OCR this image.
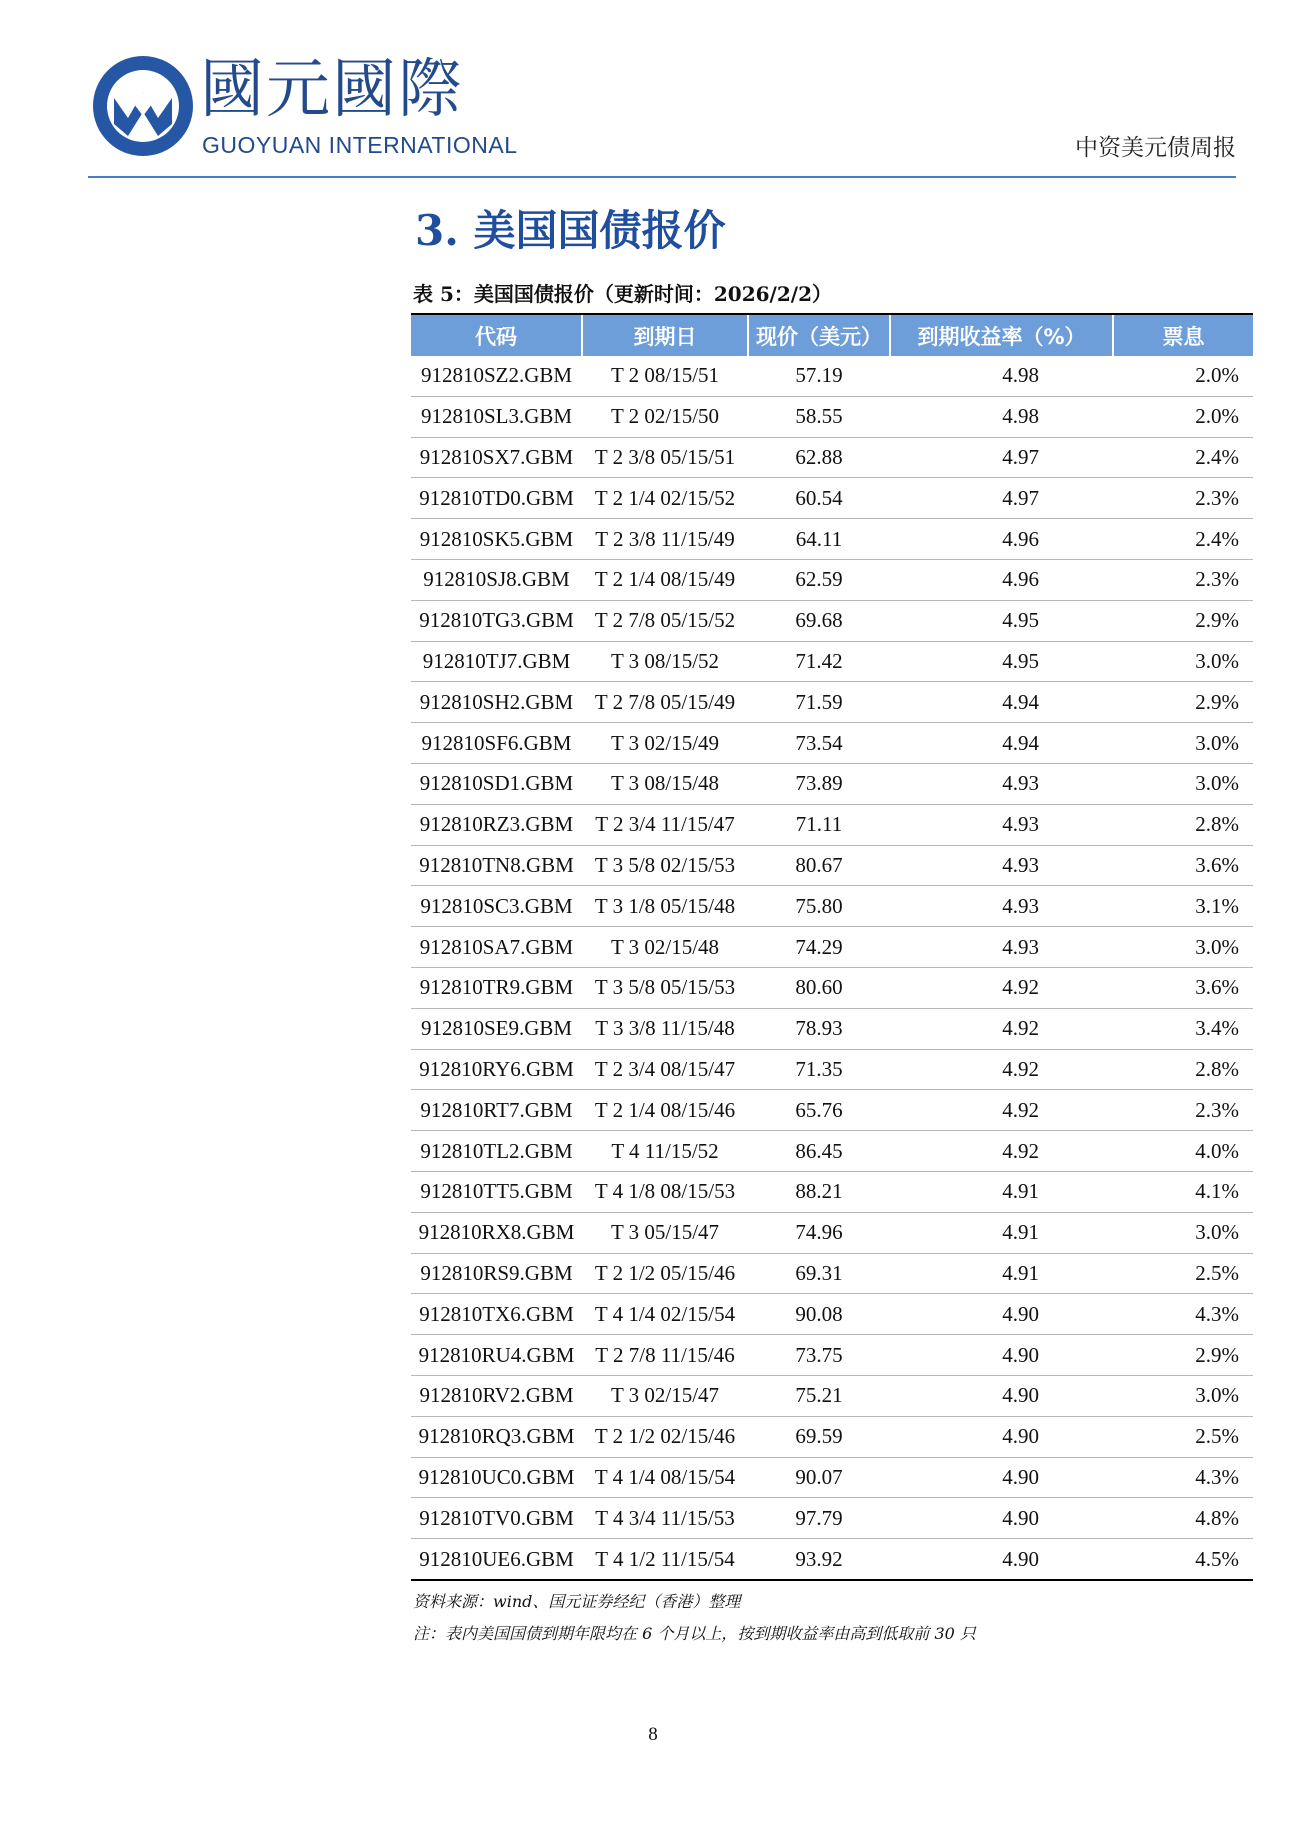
國元國際
GUOYUAN INTERNATIONAL	中资美元债周报
3. 美国国债报价
表 5：美国国债报价（更新时间：2026/2/2）
代码	到期日	现价（美元）	到期收益率（%）	票息
912810SZ2.GBM	T 2 08/15/51	57.19	4.98	2.0%
912810SL3.GBM	T 2 02/15/50	58.55	4.98	2.0%
912810SX7.GBM	T 2 3/8 05/15/51	62.88	4.97	2.4%
912810TD0.GBM	T 2 1/4 02/15/52	60.54	4.97	2.3%
912810SK5.GBM	T 2 3/8 11/15/49	64.11	4.96	2.4%
912810SJ8.GBM	T 2 1/4 08/15/49	62.59	4.96	2.3%
912810TG3.GBM	T 2 7/8 05/15/52	69.68	4.95	2.9%
912810TJ7.GBM	T 3 08/15/52	71.42	4.95	3.0%
912810SH2.GBM	T 2 7/8 05/15/49	71.59	4.94	2.9%
912810SF6.GBM	T 3 02/15/49	73.54	4.94	3.0%
912810SD1.GBM	T 3 08/15/48	73.89	4.93	3.0%
912810RZ3.GBM	T 2 3/4 11/15/47	71.11	4.93	2.8%
912810TN8.GBM	T 3 5/8 02/15/53	80.67	4.93	3.6%
912810SC3.GBM	T 3 1/8 05/15/48	75.80	4.93	3.1%
912810SA7.GBM	T 3 02/15/48	74.29	4.93	3.0%
912810TR9.GBM	T 3 5/8 05/15/53	80.60	4.92	3.6%
912810SE9.GBM	T 3 3/8 11/15/48	78.93	4.92	3.4%
912810RY6.GBM	T 2 3/4 08/15/47	71.35	4.92	2.8%
912810RT7.GBM	T 2 1/4 08/15/46	65.76	4.92	2.3%
912810TL2.GBM	T 4 11/15/52	86.45	4.92	4.0%
912810TT5.GBM	T 4 1/8 08/15/53	88.21	4.91	4.1%
912810RX8.GBM	T 3 05/15/47	74.96	4.91	3.0%
912810RS9.GBM	T 2 1/2 05/15/46	69.31	4.91	2.5%
912810TX6.GBM	T 4 1/4 02/15/54	90.08	4.90	4.3%
912810RU4.GBM	T 2 7/8 11/15/46	73.75	4.90	2.9%
912810RV2.GBM	T 3 02/15/47	75.21	4.90	3.0%
912810RQ3.GBM	T 2 1/2 02/15/46	69.59	4.90	2.5%
912810UC0.GBM	T 4 1/4 08/15/54	90.07	4.90	4.3%
912810TV0.GBM	T 4 3/4 11/15/53	97.79	4.90	4.8%
912810UE6.GBM	T 4 1/2 11/15/54	93.92	4.90	4.5%
资料来源：wind、国元证券经纪（香港）整理
注：表内美国国债到期年限均在 6 个月以上，按到期收益率由高到低取前 30 只
8
